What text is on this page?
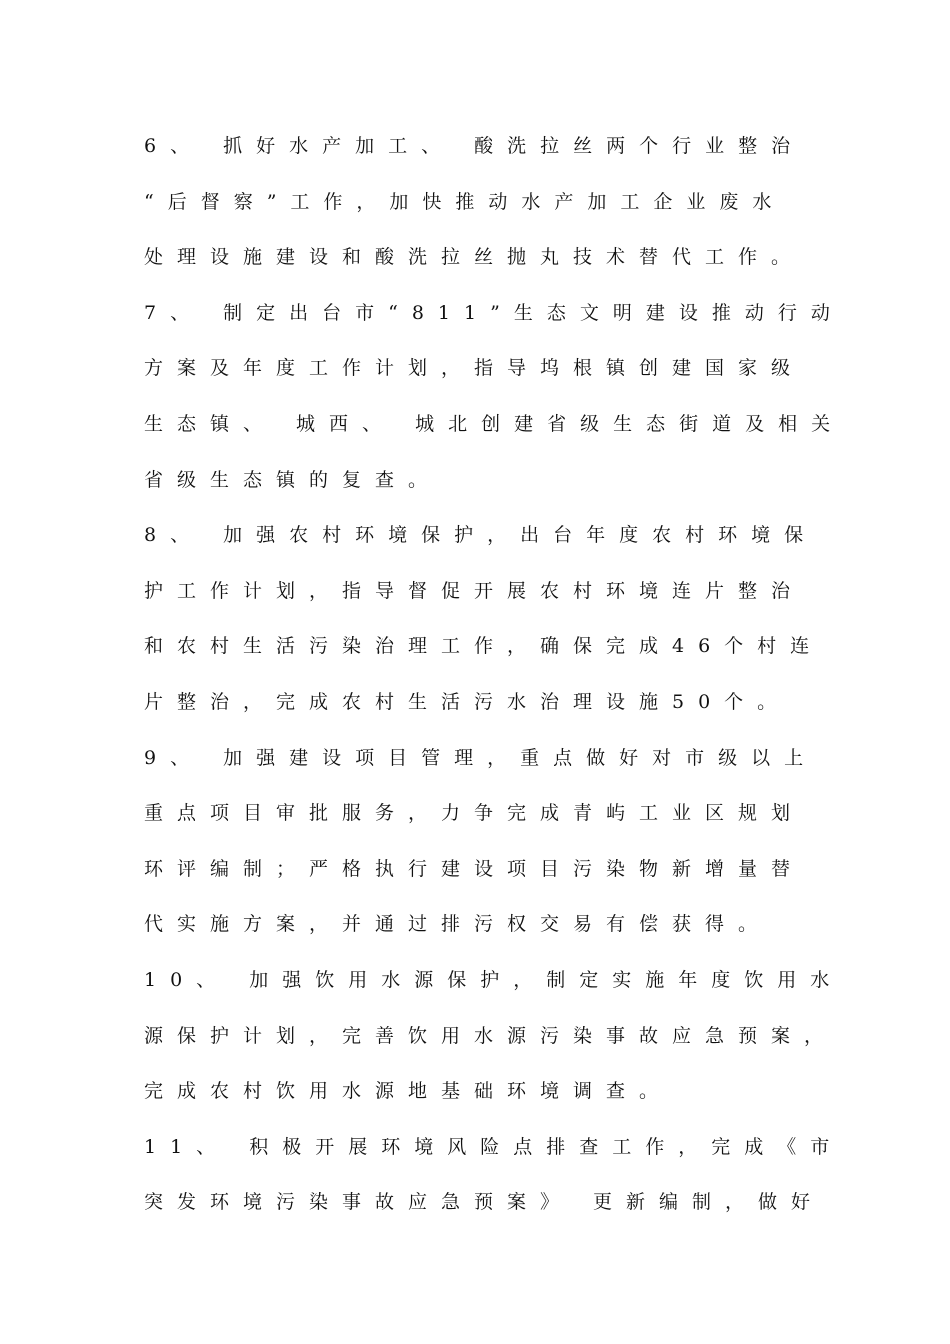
6、 抓好水产加工、 酸洗拉丝两个行业整治
“后督察”工作，加快推动水产加工企业废水
处理设施建设和酸洗拉丝抛丸技术替代工作。
7、 制定出台市“811”生态文明建设推动行动
方案及年度工作计划，指导坞根镇创建国家级
生态镇、 城西、 城北创建省级生态街道及相关
省级生态镇的复查。
8、 加强农村环境保护，出台年度农村环境保
护工作计划，指导督促开展农村环境连片整治
和农村生活污染治理工作，确保完成46个村连
片整治，完成农村生活污水治理设施50个。
9、 加强建设项目管理，重点做好对市级以上
重点项目审批服务，力争完成青屿工业区规划
环评编制；严格执行建设项目污染物新增量替
代实施方案，并通过排污权交易有偿获得。
10、 加强饮用水源保护，制定实施年度饮用水
源保护计划，完善饮用水源污染事故应急预案，
完成农村饮用水源地基础环境调查。
11、 积极开展环境风险点排查工作，完成《市
突发环境污染事故应急预案》 更新编制，做好
